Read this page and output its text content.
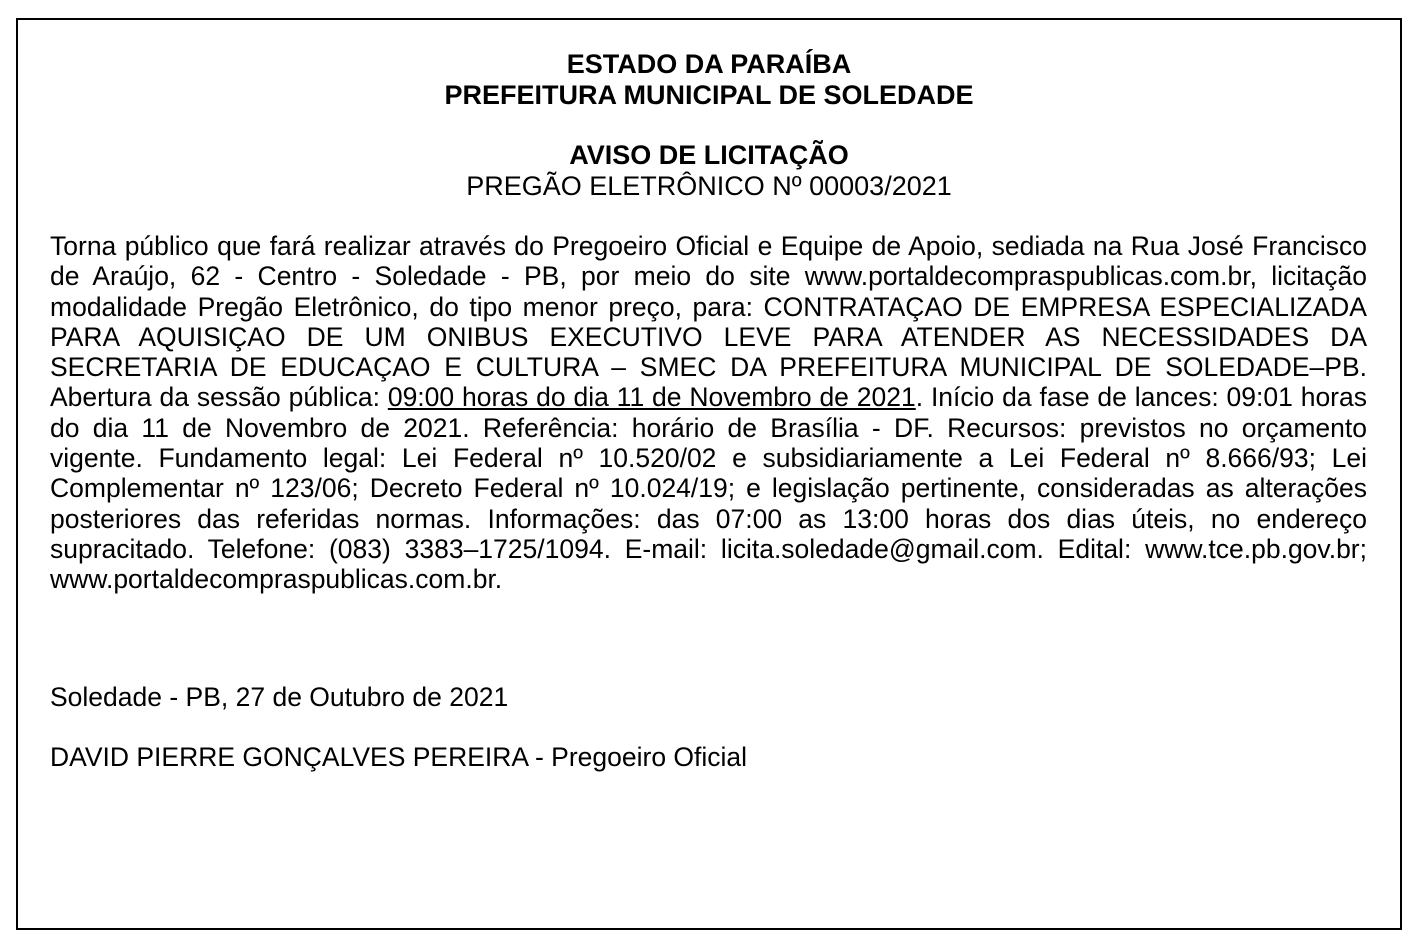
ESTADO DA PARAÍBA
PREFEITURA MUNICIPAL DE SOLEDADE
AVISO DE LICITAÇÃO
PREGÃO ELETRÔNICO Nº 00003/2021
Torna público que fará realizar através do Pregoeiro Oficial e Equipe de Apoio, sediada na Rua José Francisco de Araújo, 62 - Centro - Soledade - PB, por meio do site www.portaldecompraspublicas.com.br, licitação modalidade Pregão Eletrônico, do tipo menor preço, para: CONTRATAÇAO DE EMPRESA ESPECIALIZADA PARA AQUISIÇAO DE UM ONIBUS EXECUTIVO LEVE PARA ATENDER AS NECESSIDADES DA SECRETARIA DE EDUCAÇAO E CULTURA – SMEC DA PREFEITURA MUNICIPAL DE SOLEDADE–PB. Abertura da sessão pública: 09:00 horas do dia 11 de Novembro de 2021. Início da fase de lances: 09:01 horas do dia 11 de Novembro de 2021. Referência: horário de Brasília - DF. Recursos: previstos no orçamento vigente. Fundamento legal: Lei Federal nº 10.520/02 e subsidiariamente a Lei Federal nº 8.666/93; Lei Complementar nº 123/06; Decreto Federal nº 10.024/19; e legislação pertinente, consideradas as alterações posteriores das referidas normas. Informações: das 07:00 as 13:00 horas dos dias úteis, no endereço supracitado. Telefone: (083) 3383–1725/1094. E-mail: licita.soledade@gmail.com. Edital: www.tce.pb.gov.br; www.portaldecompraspublicas.com.br.
Soledade - PB, 27 de Outubro de 2021
DAVID PIERRE GONÇALVES PEREIRA - Pregoeiro Oficial
